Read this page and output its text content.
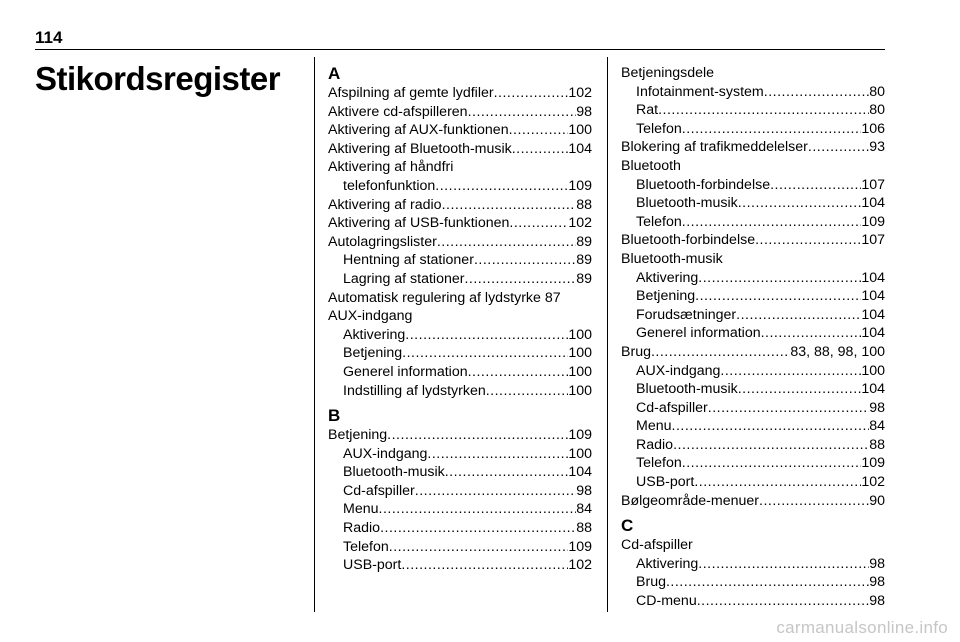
114
Stikordsregister	A
Afspilning af gemte lydfiler .....	102
Aktivere cd-afspilleren .....	98
Aktivering af AUX-funktionen .....	100
Aktivering af Bluetooth-musik .....	104
Aktivering af håndfri
telefonfunktion .....	109
Aktivering af radio .....	88
Aktivering af USB-funktionen .....	102
Autolagringslister .....	89
Hentning af stationer .....	89
Lagring af stationer .....	89
Automatisk regulering af lydstyrke 87
AUX-indgang
Aktivering .....	100
Betjening .....	100
Generel information .....	100
Indstilling af lydstyrken .....	100
B
Betjening .....	109
AUX-indgang .....	100
Bluetooth-musik .....	104
Cd-afspiller .....	98
Menu .....	84
Radio .....	88
Telefon .....	109
USB-port .....	102
Betjeningsdele
Infotainment-system .....	80
Rat .....	80
Telefon .....	106
Blokering af trafikmeddelelser .....	93
Bluetooth
Bluetooth-forbindelse .....	107
Bluetooth-musik .....	104
Telefon .....	109
Bluetooth-forbindelse .....	107
Bluetooth-musik
Aktivering .....	104
Betjening .....	104
Forudsætninger .....	104
Generel information .....	104
Brug .....	83, 88, 98, 100
AUX-indgang .....	100
Bluetooth-musik .....	104
Cd-afspiller .....	98
Menu .....	84
Radio .....	88
Telefon .....	109
USB-port .....	102
Bølgeområde-menuer .....	90
C
Cd-afspiller
Aktivering .....	98
Brug .....	98
CD-menu .....	98
carmanualsonline.info
